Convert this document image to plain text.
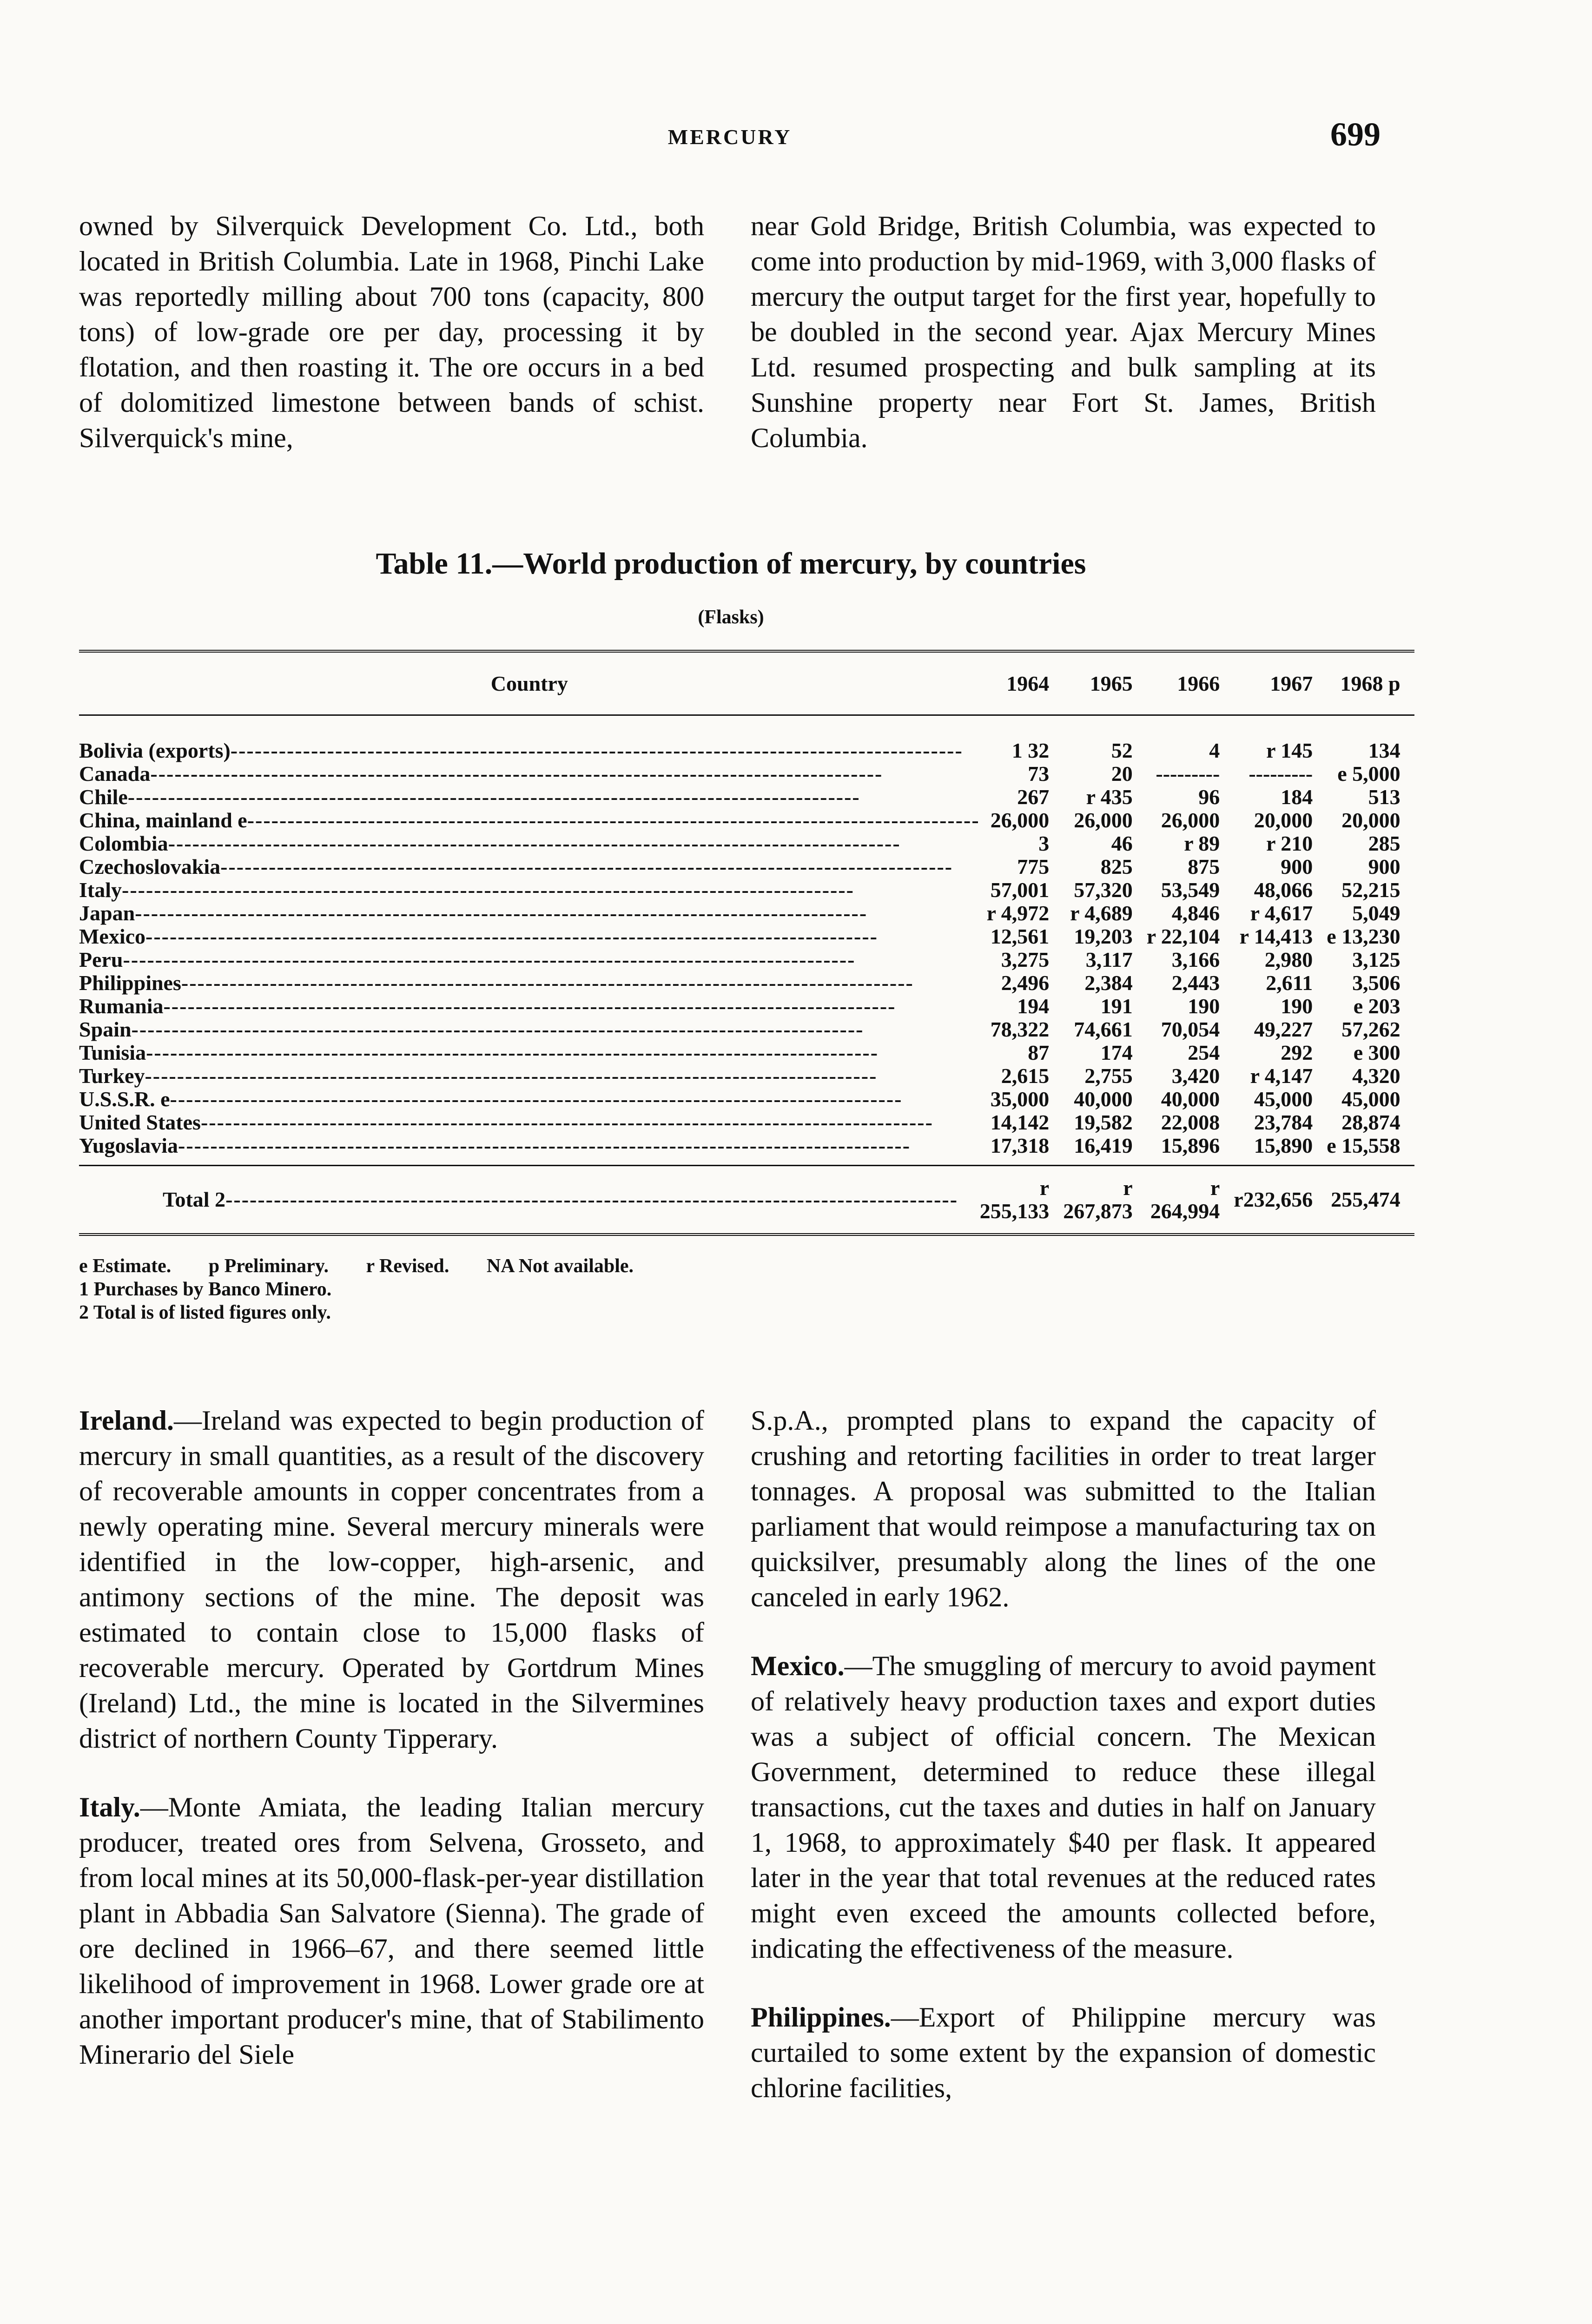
MERCURY	699

owned by Silverquick Development Co. Ltd., both located in British Columbia. Late in 1968, Pinchi Lake was reportedly milling about 700 tons (capacity, 800 tons) of low-grade ore per day, processing it by flotation, and then roasting it. The ore occurs in a bed of dolomitized limestone between bands of schist. Silverquick's mine,

near Gold Bridge, British Columbia, was expected to come into production by mid-1969, with 3,000 flasks of mercury the output target for the first year, hopefully to be doubled in the second year. Ajax Mercury Mines Ltd. resumed prospecting and bulk sampling at its Sunshine property near Fort St. James, British Columbia.

Table 11.—World production of mercury, by countries
(Flasks)
Country	1964	1965	1966	1967	1968 p
Bolivia (exports) -----	1 32	52	4	r 145	134
Canada -----	73	20	---------	---------	e 5,000
Chile -----	267	r 435	96	184	513
China, mainland e -----	26,000	26,000	26,000	20,000	20,000
Colombia -----	3	46	r 89	r 210	285
Czechoslovakia -----	775	825	875	900	900
Italy -----	57,001	57,320	53,549	48,066	52,215
Japan -----	r 4,972	r 4,689	4,846	r 4,617	5,049
Mexico -----	12,561	19,203	r 22,104	r 14,413	e 13,230
Peru -----	3,275	3,117	3,166	2,980	3,125
Philippines -----	2,496	2,384	2,443	2,611	3,506
Rumania -----	194	191	190	190	e 203
Spain -----	78,322	74,661	70,054	49,227	57,262
Tunisia -----	87	174	254	292	e 300
Turkey -----	2,615	2,755	3,420	r 4,147	4,320
U.S.S.R. e -----	35,000	40,000	40,000	45,000	45,000
United States -----	14,142	19,582	22,008	23,784	28,874
Yugoslavia -----	17,318	16,419	15,896	15,890	e 15,558
Total 2 -----	r 255,133	r 267,873	r 264,994	r232,656	255,474
e Estimate. p Preliminary. r Revised. NA Not available.
1 Purchases by Banco Minero.
2 Total is of listed figures only.

Ireland.—Ireland was expected to begin production of mercury in small quantities, as a result of the discovery of recoverable amounts in copper concentrates from a newly operating mine. Several mercury minerals were identified in the low-copper, high-arsenic, and antimony sections of the mine. The deposit was estimated to contain close to 15,000 flasks of recoverable mercury. Operated by Gortdrum Mines (Ireland) Ltd., the mine is located in the Silvermines district of northern County Tipperary.

Italy.—Monte Amiata, the leading Italian mercury producer, treated ores from Selvena, Grosseto, and from local mines at its 50,000-flask-per-year distillation plant in Abbadia San Salvatore (Sienna). The grade of ore declined in 1966–67, and there seemed little likelihood of improvement in 1968. Lower grade ore at another important producer's mine, that of Stabilimento Minerario del Siele

S.p.A., prompted plans to expand the capacity of crushing and retorting facilities in order to treat larger tonnages. A proposal was submitted to the Italian parliament that would reimpose a manufacturing tax on quicksilver, presumably along the lines of the one canceled in early 1962.

Mexico.—The smuggling of mercury to avoid payment of relatively heavy production taxes and export duties was a subject of official concern. The Mexican Government, determined to reduce these illegal transactions, cut the taxes and duties in half on January 1, 1968, to approximately $40 per flask. It appeared later in the year that total revenues at the reduced rates might even exceed the amounts collected before, indicating the effectiveness of the measure.

Philippines.—Export of Philippine mercury was curtailed to some extent by the expansion of domestic chlorine facilities,
